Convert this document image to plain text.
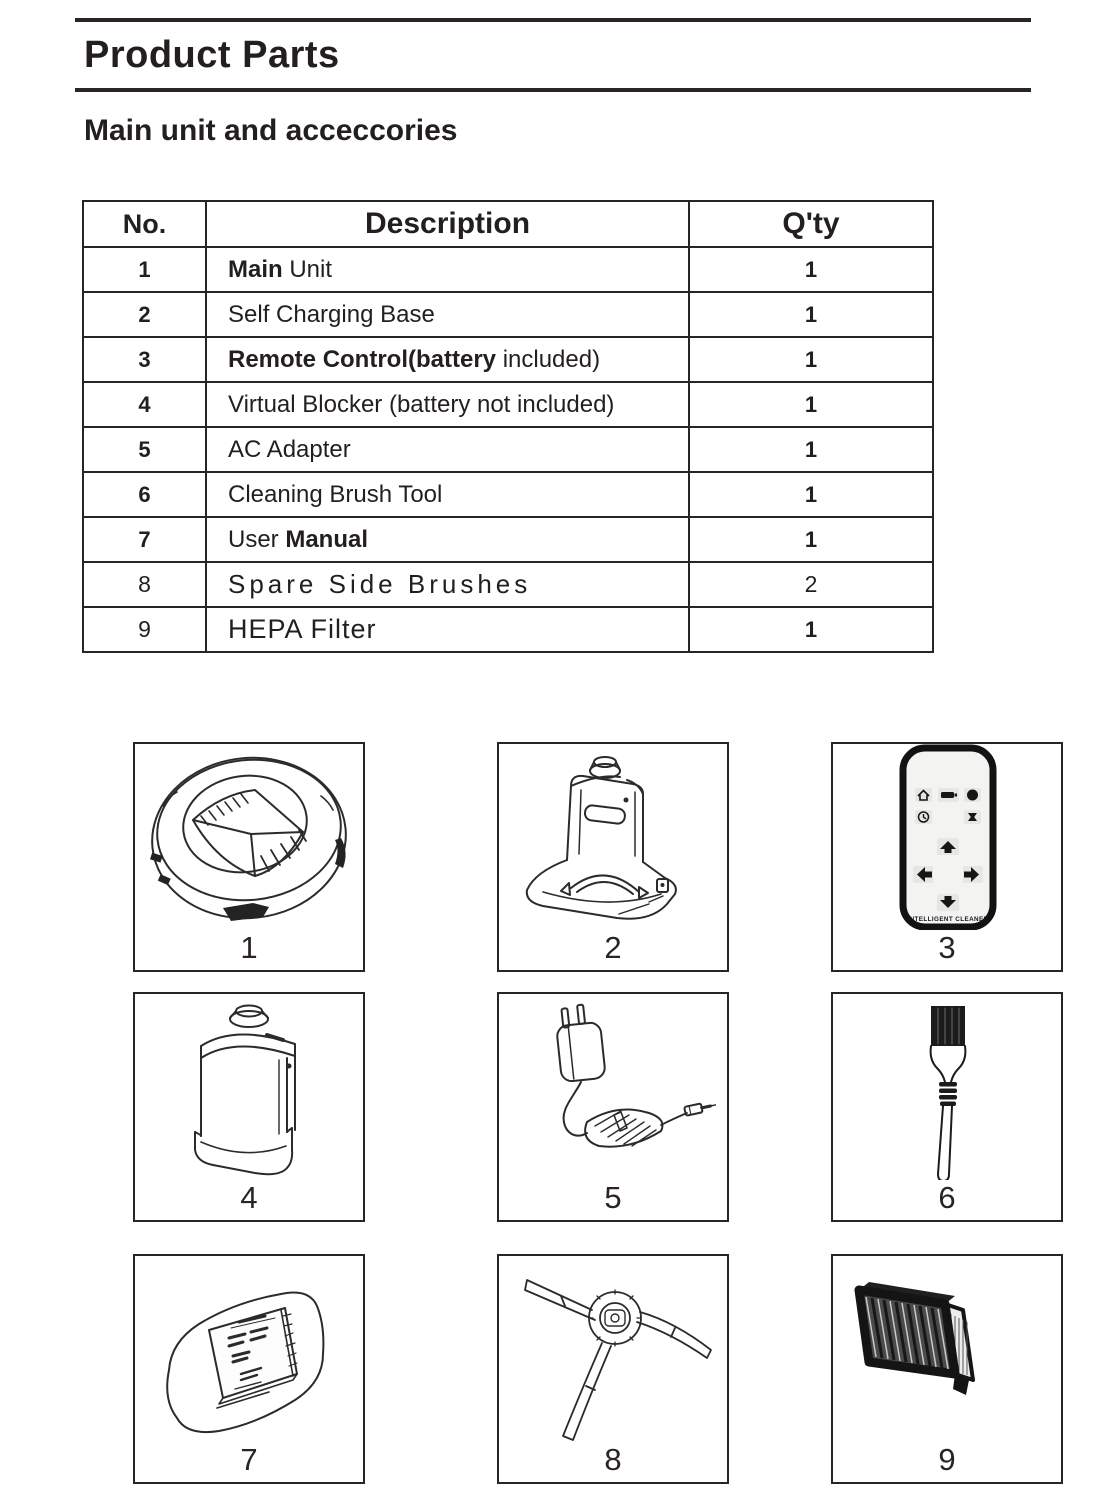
Product Parts
Main unit and acceccories
No.	Description	Q'ty
1	Main Unit	1
2	Self Charging Base	1
3	Remote Control(battery included)	1
4	Virtual Blocker (battery not included)	1
5	AC Adapter	1
6	Cleaning Brush Tool	1
7	User Manual	1
8	Spare Side Brushes	2
9	HEPA Filter	1
1	2
INTELLIGENT CLEANER
3
4	5	6
7	8	9
